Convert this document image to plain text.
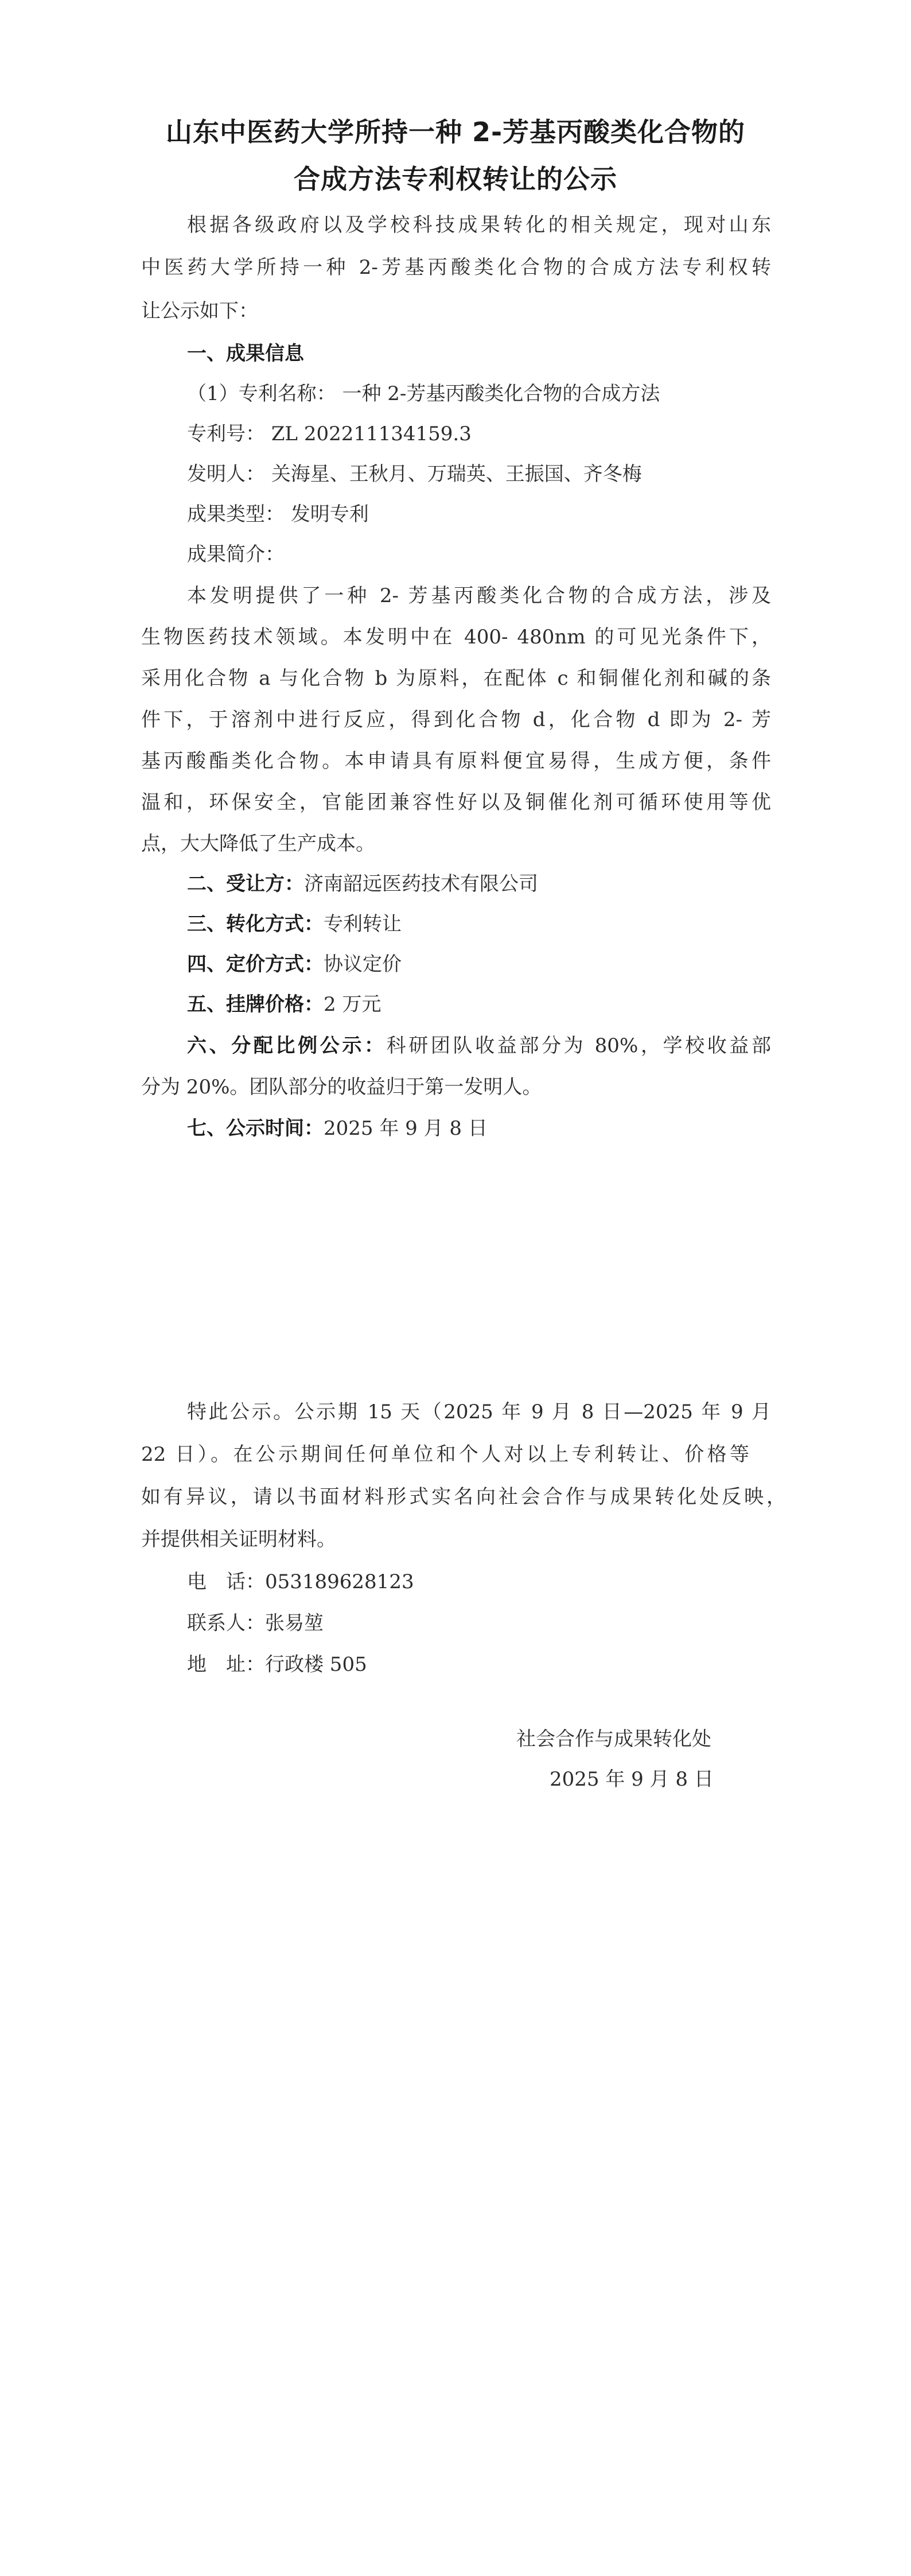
山东中医药大学所持一种 2-芳基丙酸类化合物的
合成方法专利权转让的公示
根据各级政府以及学校科技成果转化的相关规定，现对山东
中医药大学所持一种 2-芳基丙酸类化合物的合成方法专利权转
让公示如下：
一、成果信息
（1）专利名称： 一种 2-芳基丙酸类化合物的合成方法
专利号： ZL 202211134159.3
发明人： 关海星、王秋月、万瑞英、王振国、齐冬梅
成果类型： 发明专利
成果简介：
本发明提供了一种 2- 芳基丙酸类化合物的合成方法，涉及
生物医药技术领域。本发明中在 400- 480nm 的可见光条件下，
采用化合物 a 与化合物 b 为原料，在配体 c 和铜催化剂和碱的条
件下，于溶剂中进行反应，得到化合物 d，化合物 d 即为 2- 芳
基丙酸酯类化合物。本申请具有原料便宜易得，生成方便，条件
温和，环保安全，官能团兼容性好以及铜催化剂可循环使用等优
点，大大降低了生产成本。
二、受让方：济南韶远医药技术有限公司
三、转化方式：专利转让
四、定价方式：协议定价
五、挂牌价格：2 万元
六、分配比例公示：科研团队收益部分为 80%，学校收益部
分为 20%。团队部分的收益归于第一发明人。
七、公示时间：2025 年 9 月 8 日
特此公示。公示期 15 天（2025 年 9 月 8 日—2025 年 9 月
22 日）。在公示期间任何单位和个人对以上专利转让、价格等
如有异议，请以书面材料形式实名向社会合作与成果转化处反映，
并提供相关证明材料。
电　话：053189628123
联系人：张易堃
地　址：行政楼 505
社会合作与成果转化处
2025 年 9 月 8 日
